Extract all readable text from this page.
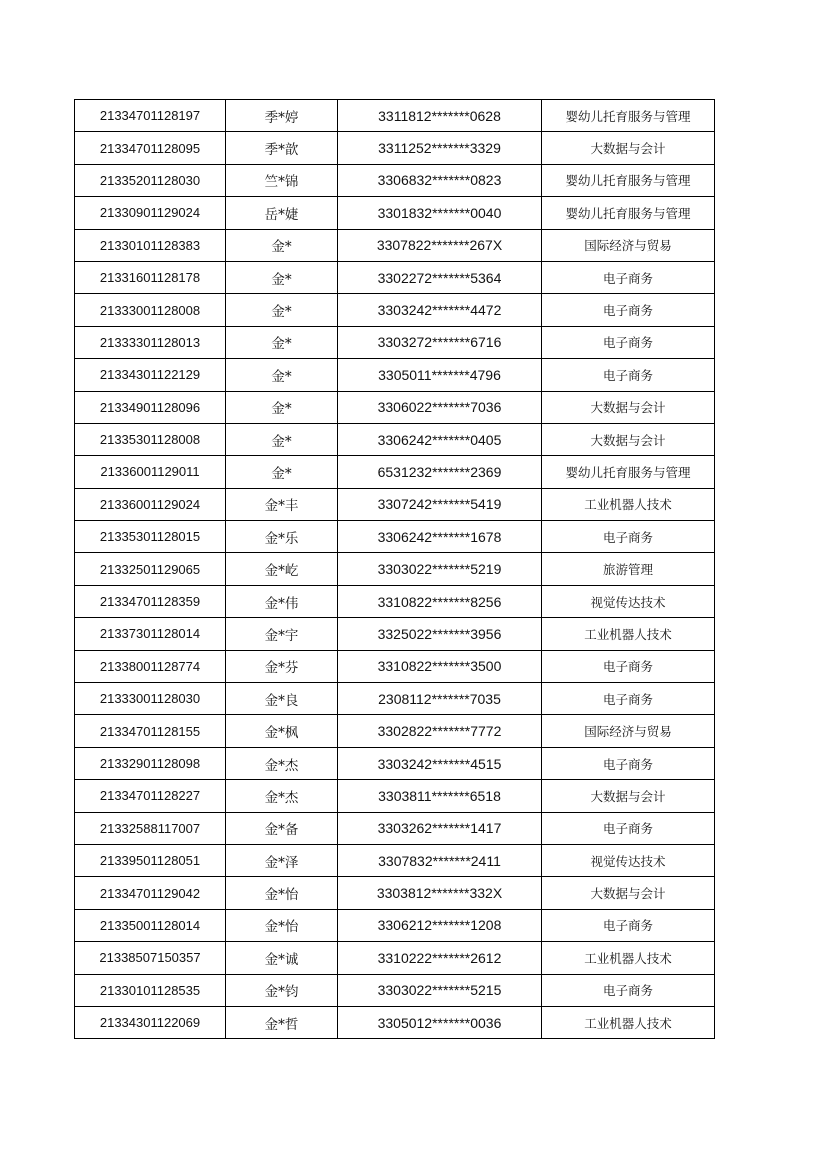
21334701128197	季*婷	3311812*******0628	婴幼儿托育服务与管理
21334701128095	季*歆	3311252*******3329	大数据与会计
21335201128030	竺*锦	3306832*******0823	婴幼儿托育服务与管理
21330901129024	岳*婕	3301832*******0040	婴幼儿托育服务与管理
21330101128383	金*	3307822*******267X	国际经济与贸易
21331601128178	金*	3302272*******5364	电子商务
21333001128008	金*	3303242*******4472	电子商务
21333301128013	金*	3303272*******6716	电子商务
21334301122129	金*	3305011*******4796	电子商务
21334901128096	金*	3306022*******7036	大数据与会计
21335301128008	金*	3306242*******0405	大数据与会计
21336001129011	金*	6531232*******2369	婴幼儿托育服务与管理
21336001129024	金*丰	3307242*******5419	工业机器人技术
21335301128015	金*乐	3306242*******1678	电子商务
21332501129065	金*屹	3303022*******5219	旅游管理
21334701128359	金*伟	3310822*******8256	视觉传达技术
21337301128014	金*宇	3325022*******3956	工业机器人技术
21338001128774	金*芬	3310822*******3500	电子商务
21333001128030	金*良	2308112*******7035	电子商务
21334701128155	金*枫	3302822*******7772	国际经济与贸易
21332901128098	金*杰	3303242*******4515	电子商务
21334701128227	金*杰	3303811*******6518	大数据与会计
21332588117007	金*备	3303262*******1417	电子商务
21339501128051	金*泽	3307832*******2411	视觉传达技术
21334701129042	金*怡	3303812*******332X	大数据与会计
21335001128014	金*怡	3306212*******1208	电子商务
21338507150357	金*诚	3310222*******2612	工业机器人技术
21330101128535	金*钧	3303022*******5215	电子商务
21334301122069	金*哲	3305012*******0036	工业机器人技术
